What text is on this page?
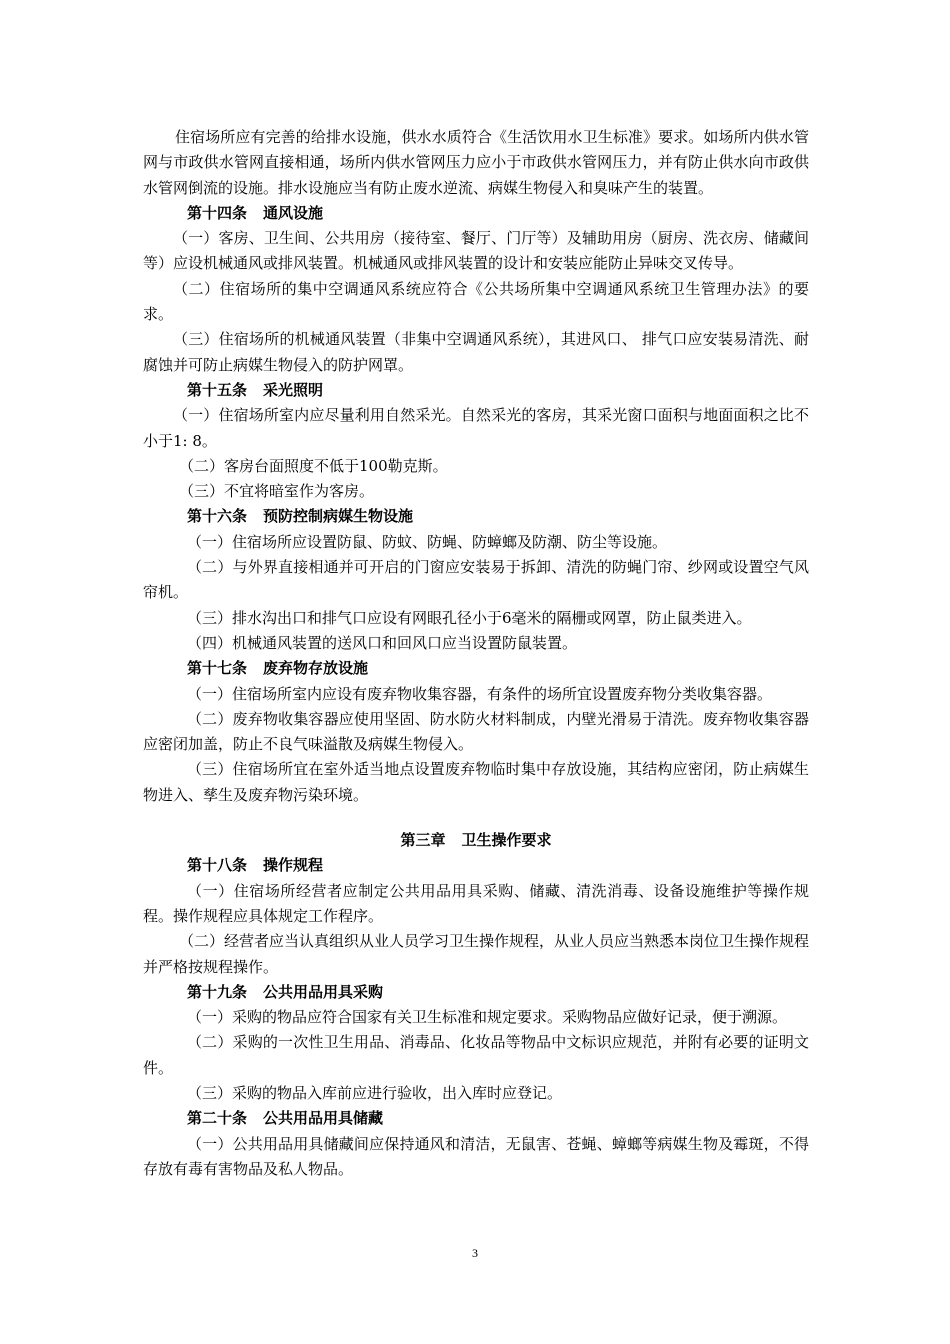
住宿场所应有完善的给排水设施，供水水质符合《生活饮用水卫生标准》要求。如场所内供水管网与市政供水管网直接相通，场所内供水管网压力应小于市政供水管网压力，并有防止供水向市政供水管网倒流的设施。排水设施应当有防止废水逆流、病媒生物侵入和臭味产生的装置。

第十四条 通风设施

（一）客房、卫生间、公共用房（接待室、餐厅、门厅等）及辅助用房（厨房、洗衣房、储藏间等）应设机械通风或排风装置。机械通风或排风装置的设计和安装应能防止异味交叉传导。

（二）住宿场所的集中空调通风系统应符合《公共场所集中空调通风系统卫生管理办法》的要求。

（三）住宿场所的机械通风装置（非集中空调通风系统），其进风口、 排气口应安装易清洗、耐腐蚀并可防止病媒生物侵入的防护网罩。

第十五条 采光照明

（一）住宿场所室内应尽量利用自然采光。自然采光的客房，其采光窗口面积与地面面积之比不小于1: 8。

（二）客房台面照度不低于100勒克斯。

（三）不宜将暗室作为客房。

第十六条 预防控制病媒生物设施

（一）住宿场所应设置防鼠、防蚊、防蝇、防蟑螂及防潮、防尘等设施。

（二）与外界直接相通并可开启的门窗应安装易于拆卸、清洗的防蝇门帘、纱网或设置空气风帘机。

（三）排水沟出口和排气口应设有网眼孔径小于6毫米的隔栅或网罩，防止鼠类进入。

（四）机械通风装置的送风口和回风口应当设置防鼠装置。

第十七条 废弃物存放设施

（一）住宿场所室内应设有废弃物收集容器，有条件的场所宜设置废弃物分类收集容器。

（二）废弃物收集容器应使用坚固、防水防火材料制成，内壁光滑易于清洗。废弃物收集容器应密闭加盖，防止不良气味溢散及病媒生物侵入。

（三）住宿场所宜在室外适当地点设置废弃物临时集中存放设施，其结构应密闭，防止病媒生物进入、孳生及废弃物污染环境。

第三章 卫生操作要求

第十八条 操作规程

（一）住宿场所经营者应制定公共用品用具采购、储藏、清洗消毒、设备设施维护等操作规程。操作规程应具体规定工作程序。

（二）经营者应当认真组织从业人员学习卫生操作规程，从业人员应当熟悉本岗位卫生操作规程并严格按规程操作。

第十九条 公共用品用具采购

（一）采购的物品应符合国家有关卫生标准和规定要求。采购物品应做好记录，便于溯源。

（二）采购的一次性卫生用品、消毒品、化妆品等物品中文标识应规范，并附有必要的证明文件。

（三）采购的物品入库前应进行验收，出入库时应登记。

第二十条 公共用品用具储藏

（一）公共用品用具储藏间应保持通风和清洁，无鼠害、苍蝇、蟑螂等病媒生物及霉斑，不得存放有毒有害物品及私人物品。

3
